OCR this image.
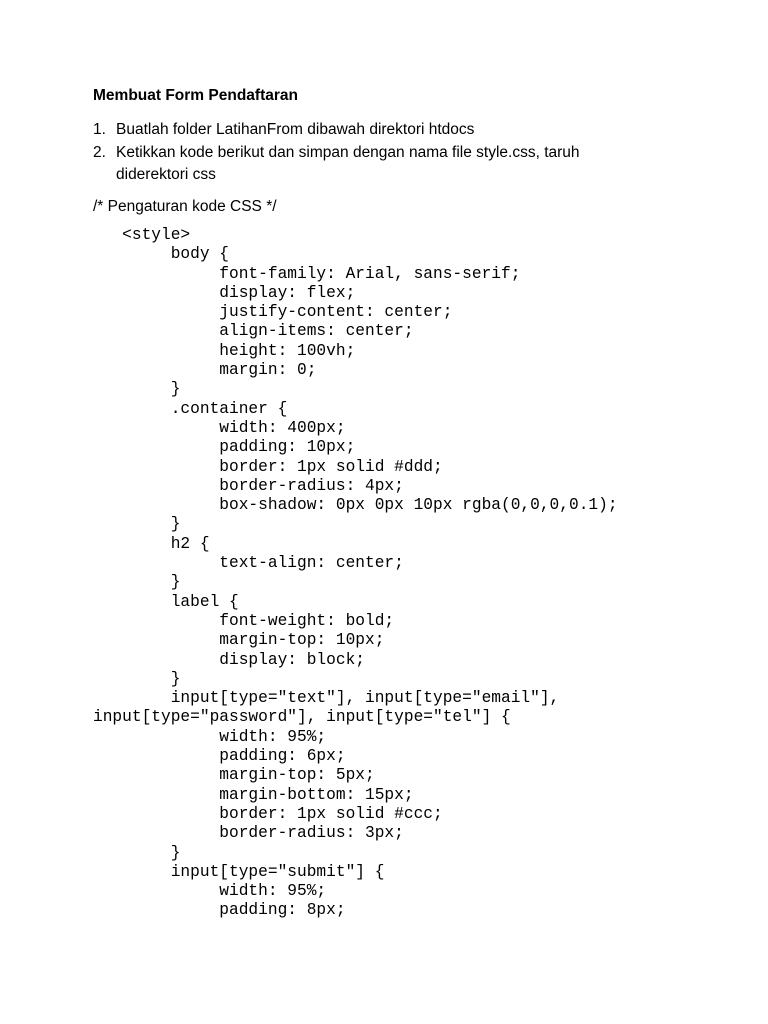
Membuat Form Pendaftaran
1. Buatlah folder LatihanFrom dibawah direktori htdocs
2. Ketikkan kode berikut dan simpan dengan nama file style.css, taruh diderektori css
/* Pengaturan kode CSS */
<style>
body {
font-family: Arial, sans-serif;
display: flex;
justify-content: center;
align-items: center;
height: 100vh;
margin: 0;
}
.container {
width: 400px;
padding: 10px;
border: 1px solid #ddd;
border-radius: 4px;
box-shadow: 0px 0px 10px rgba(0,0,0,0.1);
}
h2 {
text-align: center;
}
label {
font-weight: bold;
margin-top: 10px;
display: block;
}
input[type="text"], input[type="email"],
input[type="password"], input[type="tel"] {
width: 95%;
padding: 6px;
margin-top: 5px;
margin-bottom: 15px;
border: 1px solid #ccc;
border-radius: 3px;
}
input[type="submit"] {
width: 95%;
padding: 8px;
